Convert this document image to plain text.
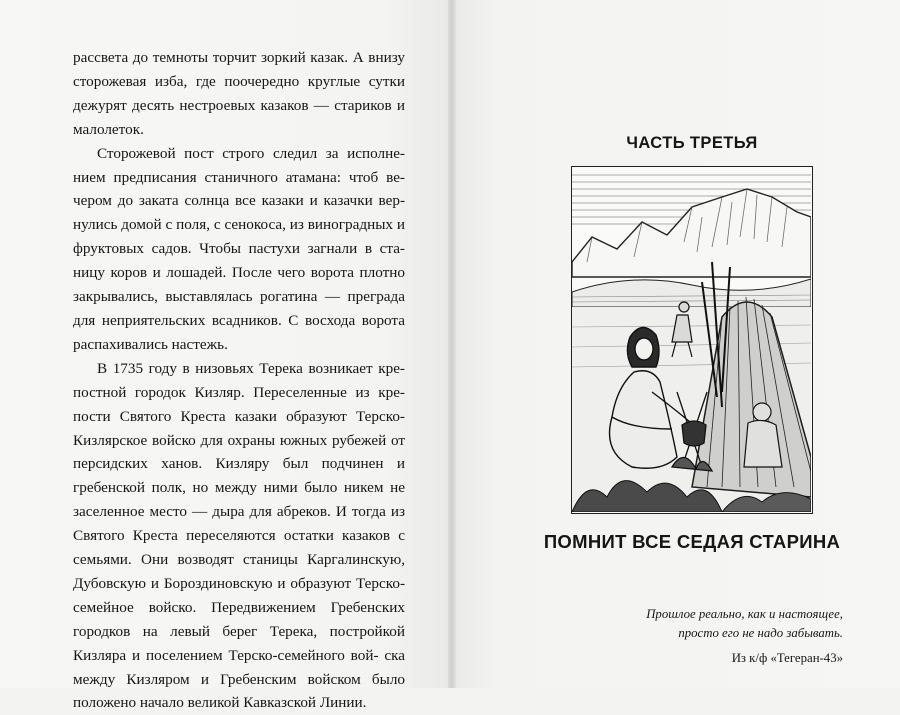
рассвета до темноты торчит зоркий казак. А внизу сторожевая изба, где поочередно круглые сутки дежурят десять нестроевых казаков — стариков и малолеток.

Сторожевой пост строго следил за исполне- нием предписания станичного атамана: чтоб ве- чером до заката солнца все казаки и казачки вер- нулись домой с поля, с сенокоса, из виноградных и фруктовых садов. Чтобы пастухи загнали в ста- ницу коров и лошадей. После чего ворота плотно закрывались, выставлялась рогатина — преграда для неприятельских всадников. С восхода ворота распахивались настежь.

В 1735 году в низовьях Терека возникает кре- постной городок Кизляр. Переселенные из кре- пости Святого Креста казаки образуют Терско- Кизлярское войско для охраны южных рубежей от персидских ханов. Кизляру был подчинен и гребенской полк, но между ними было никем не заселенное место — дыра для абреков. И тогда из Святого Креста переселяются остатки казаков с семьями. Они возводят станицы Каргалинскую, Дубовскую и Бороздиновскую и образуют Терско- семейное войско. Передвижением Гребенских городков на левый берег Терека, постройкой Кизляра и поселением Терско-семейного вой- ска между Кизляром и Гребенским войском было положено начало великой Кавказской Линии.

ЧАСТЬ ТРЕТЬЯ
ПОМНИТ ВСЕ СЕДАЯ СТАРИНА
Прошлое реально, как и настоящее,
просто его не надо забывать.
Из к/ф «Тегеран-43»
